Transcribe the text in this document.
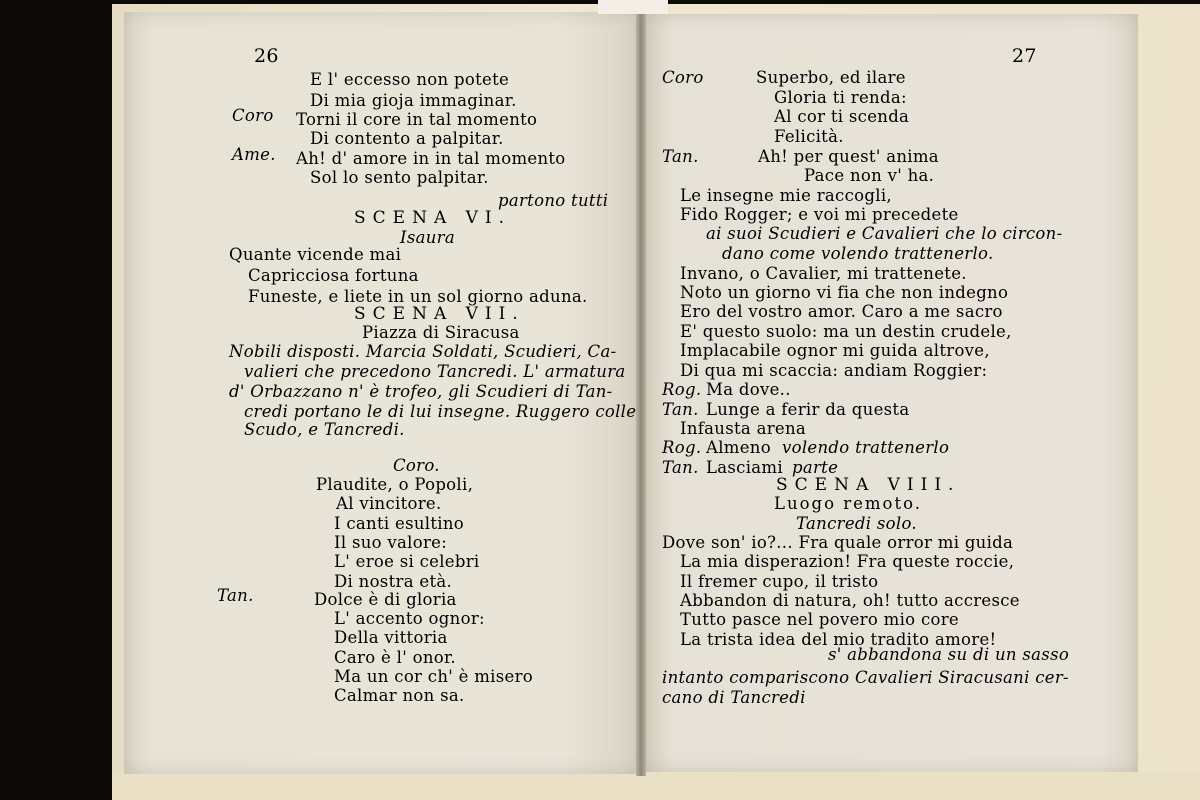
26
E l' eccesso non potete
Di mia gioja immaginar.
Coro Torni il core in tal momento
Di contento a palpitar.
Ame. Ah! d' amore in in tal momento
Sol lo sento palpitar.
partono tutti
SCENA VI.
Isaura
Quante vicende mai
Capricciosa fortuna
Funeste, e liete in un sol giorno aduna.
SCENA VII.
Piazza di Siracusa
Nobili disposti. Marcia Soldati, Scudieri, Ca-
valieri che precedono Tancredi. L' armatura
d' Orbazzano n' è trofeo, gli Scudieri di Tan-
credi portano le di lui insegne. Ruggero colle
Scudo, e Tancredi.
Coro.
Plaudite, o Popoli,
Al vincitore.
I canti esultino
Il suo valore:
L' eroe si celebri
Di nostra età.
Tan.	Dolce è di gloria
L' accento ognor:
Della vittoria
Caro è l' onor.
Ma un cor ch' è misero
Calmar non sa.
27
Coro	Superbo, ed ilare
Gloria ti renda:
Al cor ti scenda
Felicità.
Tan.	Ah! per quest' anima
Pace non v' ha.
Le insegne mie raccogli,
Fido Rogger; e voi mi precedete
ai suoi Scudieri e Cavalieri che lo circon-
dano come volendo trattenerlo.
Invano, o Cavalier, mi trattenete.
Noto un giorno vi fia che non indegno
Ero del vostro amor. Caro a me sacro
E' questo suolo: ma un destin crudele,
Implacabile ognor mi guida altrove,
Di qua mi scaccia: andiam Roggier:
Rog. Ma dove..
Tan. Lunge a ferir da questa
Infausta arena
Rog. Almeno volendo trattenerlo
Tan. Lasciami parte
SCENA VIII.
Luogo remoto.
Tancredi solo.
Dove son' io?... Fra quale orror mi guida
La mia disperazion! Fra queste roccie,
Il fremer cupo, il tristo
Abbandon di natura, oh! tutto accresce
Tutto pasce nel povero mio core
La trista idea del mio tradito amore!
s' abbandona su di un sasso
intanto compariscono Cavalieri Siracusani cer-
cano di Tancredi
